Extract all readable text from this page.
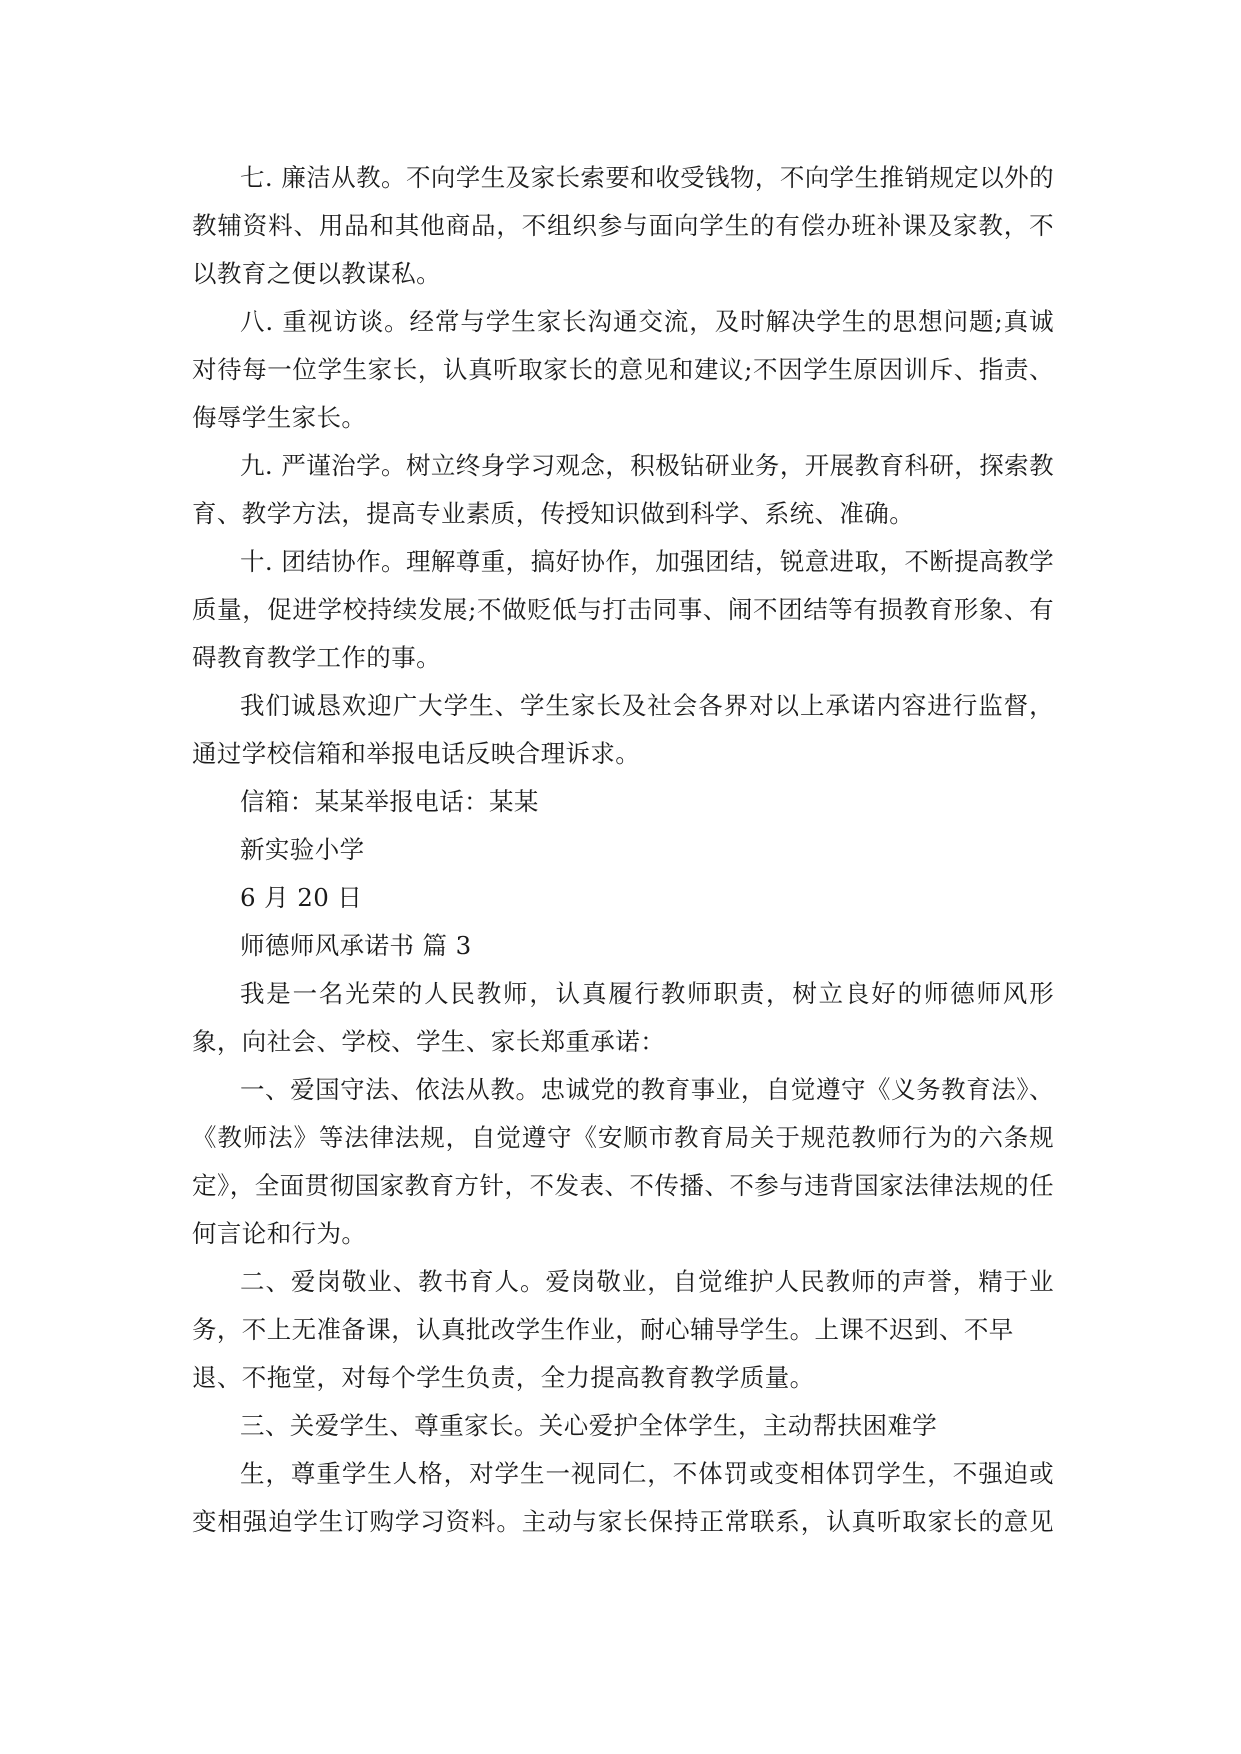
七. 廉洁从教。不向学生及家长索要和收受钱物，不向学生推销规定以外的
教辅资料、用品和其他商品，不组织参与面向学生的有偿办班补课及家教，不
以教育之便以教谋私。
八. 重视访谈。经常与学生家长沟通交流，及时解决学生的思想问题;真诚
对待每一位学生家长，认真听取家长的意见和建议;不因学生原因训斥、指责、
侮辱学生家长。
九. 严谨治学。树立终身学习观念，积极钻研业务，开展教育科研，探索教
育、教学方法，提高专业素质，传授知识做到科学、系统、准确。
十. 团结协作。理解尊重，搞好协作，加强团结，锐意进取，不断提高教学
质量，促进学校持续发展;不做贬低与打击同事、闹不团结等有损教育形象、有
碍教育教学工作的事。
我们诚恳欢迎广大学生、学生家长及社会各界对以上承诺内容进行监督，
通过学校信箱和举报电话反映合理诉求。
信箱：某某举报电话：某某
新实验小学
6 月 20 日
师德师风承诺书 篇 3
我是一名光荣的人民教师，认真履行教师职责，树立良好的师德师风形
象，向社会、学校、学生、家长郑重承诺：
一、爱国守法、依法从教。忠诚党的教育事业，自觉遵守《义务教育法》、
《教师法》等法律法规，自觉遵守《安顺市教育局关于规范教师行为的六条规
定》，全面贯彻国家教育方针，不发表、不传播、不参与违背国家法律法规的任
何言论和行为。
二、爱岗敬业、教书育人。爱岗敬业，自觉维护人民教师的声誉，精于业
务，不上无准备课，认真批改学生作业，耐心辅导学生。上课不迟到、不早
退、不拖堂，对每个学生负责，全力提高教育教学质量。
三、关爱学生、尊重家长。关心爱护全体学生，主动帮扶困难学
生，尊重学生人格，对学生一视同仁，不体罚或变相体罚学生，不强迫或
变相强迫学生订购学习资料。主动与家长保持正常联系，认真听取家长的意见
